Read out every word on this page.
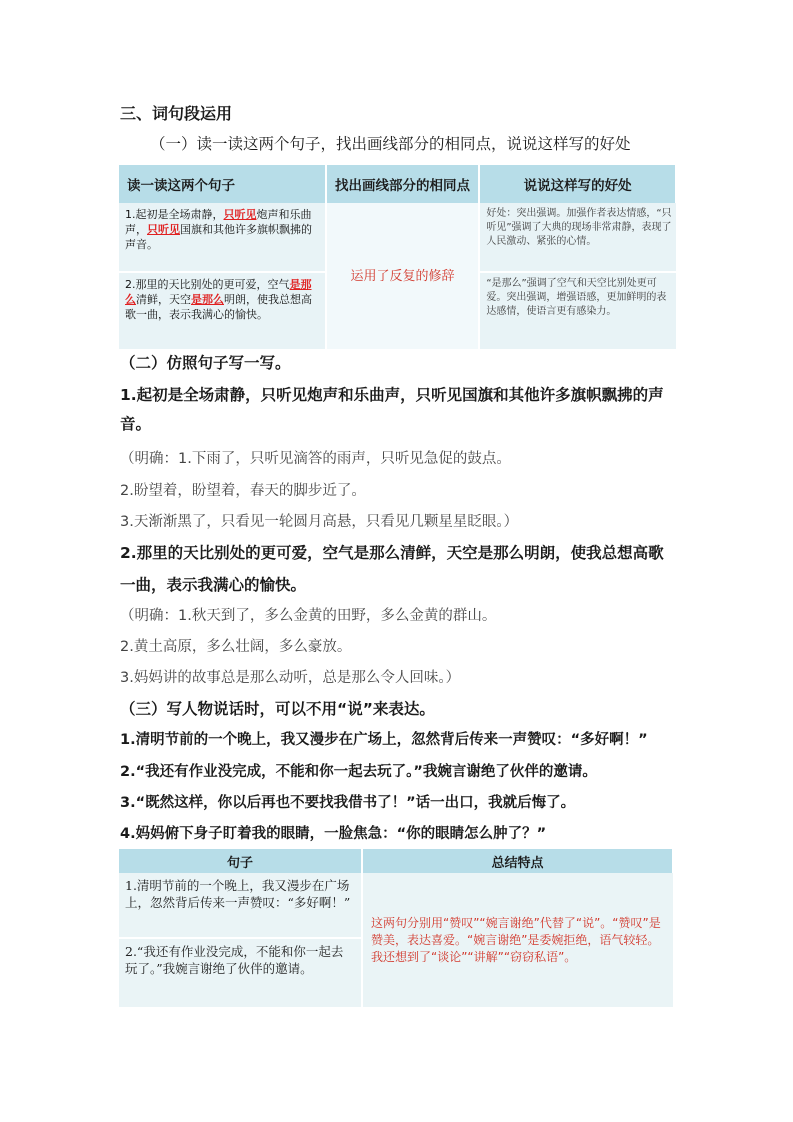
三、词句段运用
（一）读一读这两个句子，找出画线部分的相同点，说说这样写的好处
读一读这两个句子	找出画线部分的相同点	说说这样写的好处
1.起初是全场肃静，只听见炮声和乐曲声，只听见国旗和其他许多旗帜飘拂的声音。	运用了反复的修辞	好处：突出强调。加强作者表达情感，“只听见”强调了大典的现场非常肃静，表现了人民激动、紧张的心情。
2.那里的天比别处的更可爱，空气是那么清鲜，天空是那么明朗，使我总想高歌一曲，表示我满心的愉快。		“是那么”强调了空气和天空比别处更可爱。突出强调，增强语感，更加鲜明的表达感情，使语言更有感染力。
（二）仿照句子写一写。
1.起初是全场肃静，只听见炮声和乐曲声，只听见国旗和其他许多旗帜飘拂的声
音。
（明确：1.下雨了，只听见滴答的雨声，只听见急促的鼓点。
2.盼望着，盼望着，春天的脚步近了。
3.天渐渐黑了，只看见一轮圆月高悬，只看见几颗星星眨眼。）
2.那里的天比别处的更可爱，空气是那么清鲜，天空是那么明朗，使我总想高歌
一曲，表示我满心的愉快。
（明确：1.秋天到了，多么金黄的田野，多么金黄的群山。
2.黄土高原，多么壮阔，多么豪放。
3.妈妈讲的故事总是那么动听，总是那么令人回味。）
（三）写人物说话时，可以不用“说”来表达。
1.清明节前的一个晚上，我又漫步在广场上，忽然背后传来一声赞叹：“多好啊！”
2.“我还有作业没完成，不能和你一起去玩了。”我婉言谢绝了伙伴的邀请。
3.“既然这样，你以后再也不要找我借书了！”话一出口，我就后悔了。
4.妈妈俯下身子盯着我的眼睛，一脸焦急：“你的眼睛怎么肿了？”
句子	总结特点
1.清明节前的一个晚上，我又漫步在广场上，忽然背后传来一声赞叹：“多好啊！”	这两句分别用“赞叹”“婉言谢绝”代替了“说”。“赞叹”是赞美，表达喜爱。“婉言谢绝”是委婉拒绝，语气较轻。我还想到了“谈论”“讲解”“窃窃私语”。
2.“我还有作业没完成，不能和你一起去玩了。”我婉言谢绝了伙伴的邀请。	
